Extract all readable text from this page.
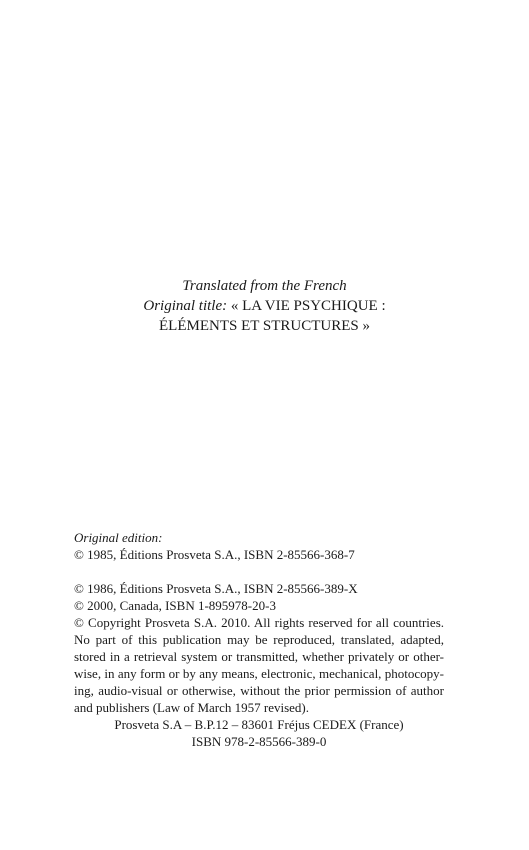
Translated from the French
Original title: « LA VIE PSYCHIQUE :
ÉLÉMENTS ET STRUCTURES »

Original edition:

© 1985, Éditions Prosveta S.A., ISBN 2-85566-368-7

© 1986, Éditions Prosveta S.A., ISBN 2-85566-389-X

© 2000, Canada, ISBN 1-895978-20-3

© Copyright Prosveta S.A. 2010. All rights reserved for all countries.
No part of this publication may be reproduced, translated, adapted,
stored in a retrieval system or transmitted, whether privately or other-
wise, in any form or by any means, electronic, mechanical, photocopy-
ing, audio-visual or otherwise, without the prior permission of author
and publishers (Law of March 1957 revised).

Prosveta S.A – B.P.12 – 83601 Fréjus CEDEX (France)

ISBN 978-2-85566-389-0
